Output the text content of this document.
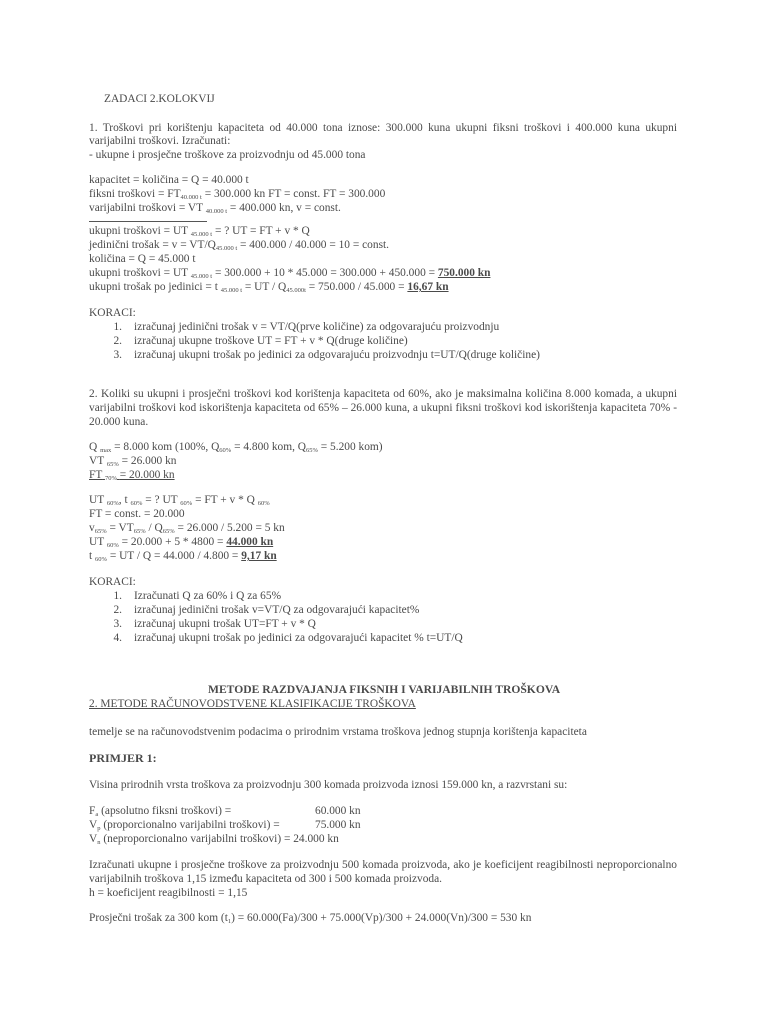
ZADACI 2.KOLOKVIJ
1. Troškovi pri korištenju kapaciteta od 40.000 tona iznose: 300.000 kuna ukupni fiksni troškovi i 400.000 kuna ukupni
varijabilni troškovi. Izračunati:
- ukupne i prosječne troškove za proizvodnju od 45.000 tona
kapacitet = količina = Q = 40.000 t
fiksni troškovi = $FT_{40.000 t} = 300.000$ kn FT = const. FT = 300.000
varijabilni troškovi = VT $_{40.000 t}$ = 400.000 kn, v = const.
ukupni troškovi = UT $_{45.000 t}$ = ? UT = FT + v * Q
jedinični trošak = $v = VT/Q_{45.000 t} = 400.000 / 40.000 = 10$ = const.
količina = Q = 45.000 t
ukupni troškovi = UT $_{45.000 t}$ = 300.000 + 10 * 45.000 = 300.000 + 450.000 = 750.000 kn
ukupni trošak po jedinici = t $_{45.000 t}$ = UT / $Q_{45.000t} = 750.000 / 45.000 = 16,67$ kn
KORACI:
1. izračunaj jedinični trošak v = VT/Q(prve količine) za odgovarajuću proizvodnju
2. izračunaj ukupne troškove UT = FT + v * Q(druge količine)
3. izračunaj ukupni trošak po jedinici za odgovarajuću proizvodnju t=UT/Q(druge količine)
2. Koliki su ukupni i prosječni troškovi kod korištenja kapaciteta od 60%, ako je maksimalna količina 8.000 komada, a ukupni
varijabilni troškovi kod iskorištenja kapaciteta od 65% – 26.000 kuna, a ukupni fiksni troškovi kod iskorištenja kapaciteta 70% -
20.000 kuna.
Q $_{max}$ = 8.000 kom (100%, $Q_{60\%} = 4.800$ kom, $Q_{65\%} = 5.200$ kom)
VT $_{65\%}$ = 26.000 kn
FT $_{70\%}$ = 20.000 kn
UT $_{60\%}$, t $_{60\%}$ = ? UT $_{60\%}$ = FT + v * Q $_{60\%}$
FT = const. = 20.000
$v_{65\%} = VT_{65\%} / Q_{65\%} = 26.000 / 5.200 = 5$ kn
UT $_{60\%}$ = 20.000 + 5 * 4800 = 44.000 kn
t $_{60\%}$ = UT / Q = 44.000 / 4.800 = 9,17 kn
KORACI:
1. Izračunati Q za 60% i Q za 65%
2. izračunaj jedinični trošak v=VT/Q za odgovarajući kapacitet%
3. izračunaj ukupni trošak UT=FT + v * Q
4. izračunaj ukupni trošak po jedinici za odgovarajući kapacitet % t=UT/Q
METODE RAZDVAJANJA FIKSNIH I VARIJABILNIH TROŠKOVA
2. METODE RAČUNOVODSTVENE KLASIFIKACIJE TROŠKOVA
temelje se na računovodstvenim podacima o prirodnim vrstama troškova jednog stupnja korištenja kapaciteta
PRIMJER 1:
Visina prirodnih vrsta troškova za proizvodnju 300 komada proizvoda iznosi 159.000 kn, a razvrstani su:
$F_a$ (apsolutno fiksni troškovi) =	60.000 kn
$V_p$ (proporcionalno varijabilni troškovi) =	75.000 kn
$V_n$ (neproporcionalno varijabilni troškovi) = 24.000 kn
Izračunati ukupne i prosječne troškove za proizvodnju 500 komada proizvoda, ako je koeficijent reagibilnosti neproporcionalno
varijabilnih troškova 1,15 između kapaciteta od 300 i 500 komada proizvoda.
h = koeficijent reagibilnosti = 1,15
Prosječni trošak za 300 kom $(t_1) = 60.000(Fa)/300 + 75.000(Vp)/300 + 24.000(Vn)/300 = 530$ kn
